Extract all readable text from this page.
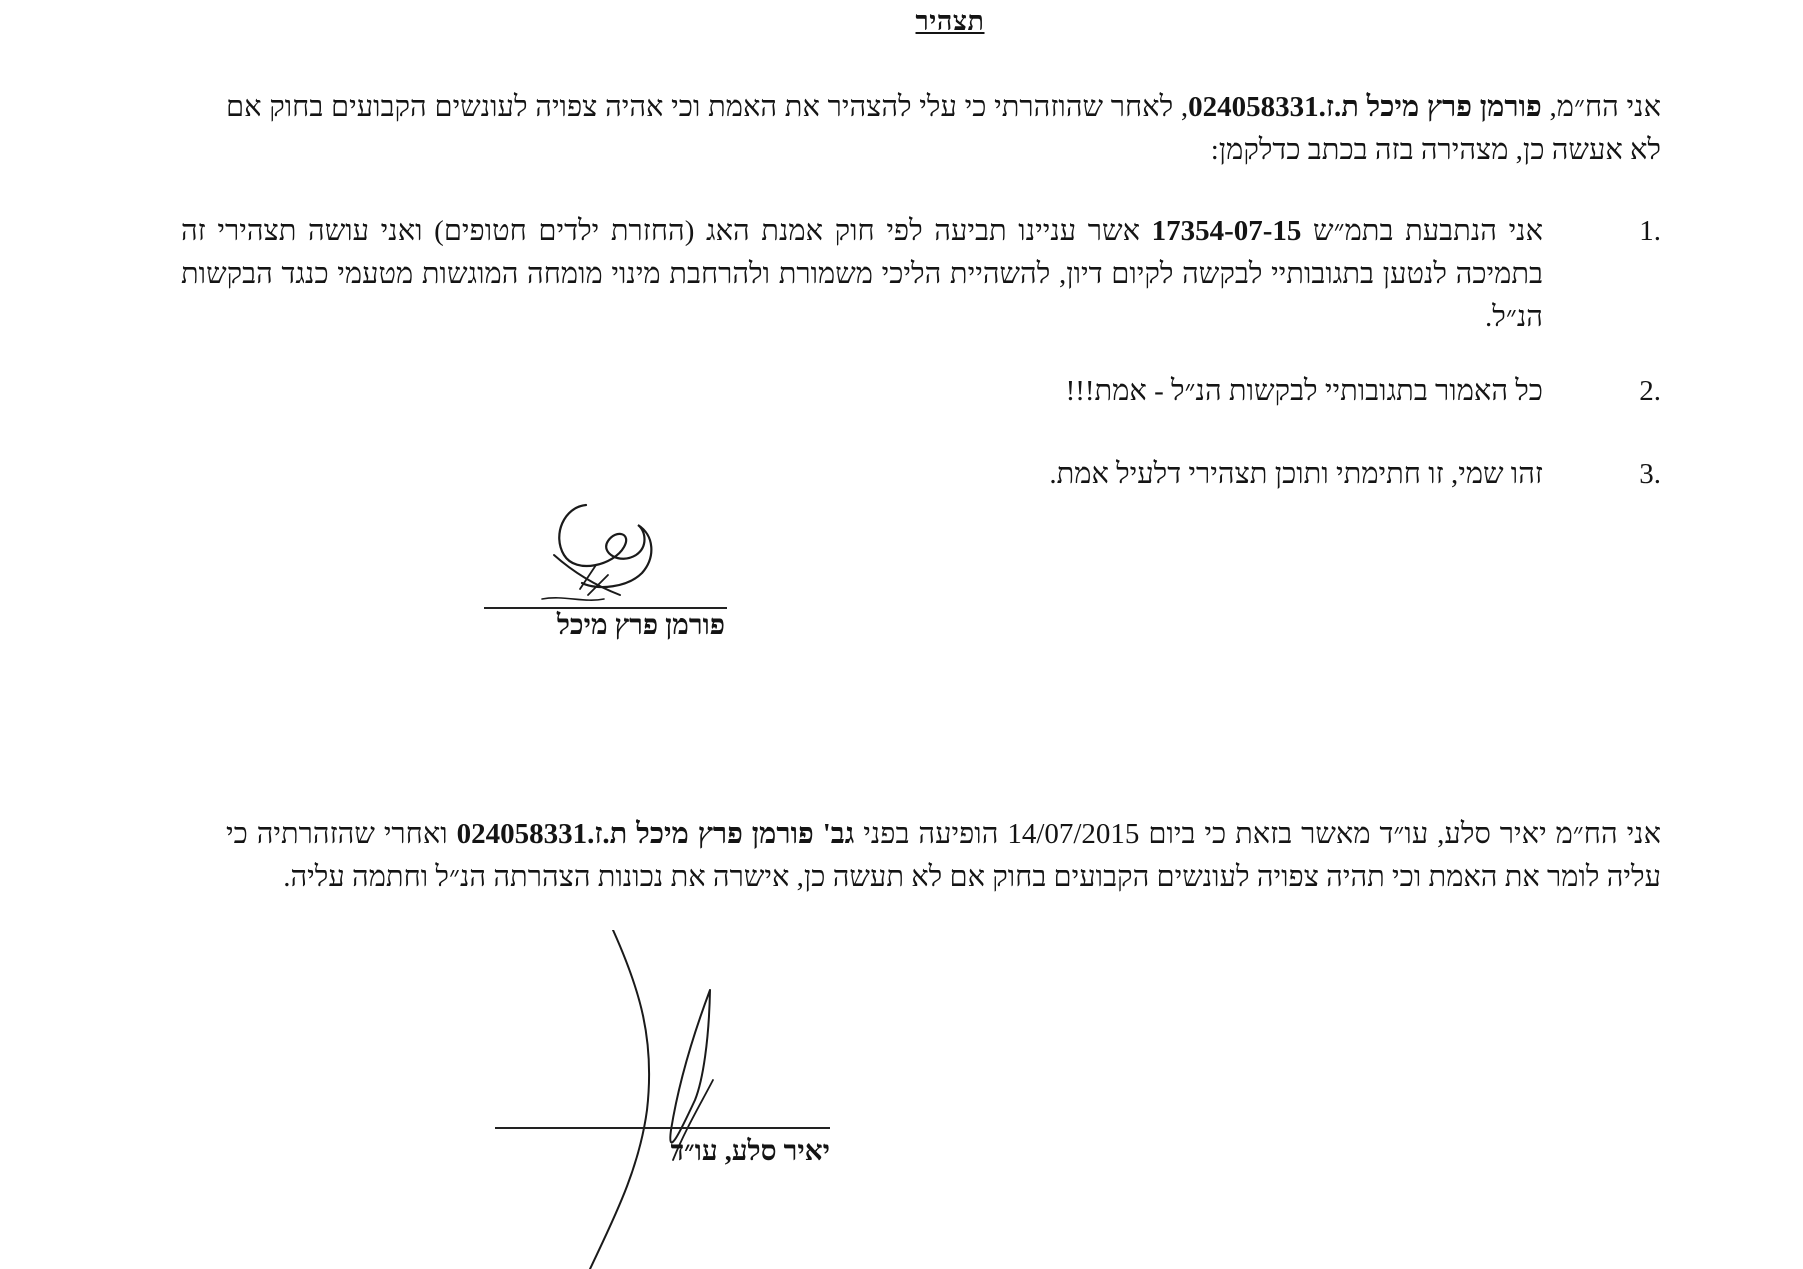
תצהיר
אני הח״מ, פורמן פרץ מיכל ת.ז.024058331, לאחר שהוזהרתי כי עלי להצהיר את האמת וכי אהיה צפויה לעונשים הקבועים בחוק אם לא אעשה כן, מצהירה בזה בכתב כדלקמן:
.1
אני הנתבעת בתמ״ש 17354-07-15 אשר עניינו תביעה לפי חוק אמנת האג (החזרת ילדים חטופים) ואני עושה תצהירי זה בתמיכה לנטען בתגובותיי לבקשה לקיום דיון, להשהיית הליכי משמורת ולהרחבת מינוי מומחה המוגשות מטעמי כנגד הבקשות הנ״ל.
.2
כל האמור בתגובותיי לבקשות הנ״ל - אמת!!!
.3
זהו שמי, זו חתימתי ותוכן תצהירי דלעיל אמת.
פורמן פרץ מיכל
אני הח״מ יאיר סלע, עו״ד מאשר בזאת כי ביום 14/07/2015 הופיעה בפני גב' פורמן פרץ מיכל ת.ז.024058331 ואחרי שהזהרתיה כי עליה לומר את האמת וכי תהיה צפויה לעונשים הקבועים בחוק אם לא תעשה כן, אישרה את נכונות הצהרתה הנ״ל וחתמה עליה.
יאיר סלע, עו״ד
